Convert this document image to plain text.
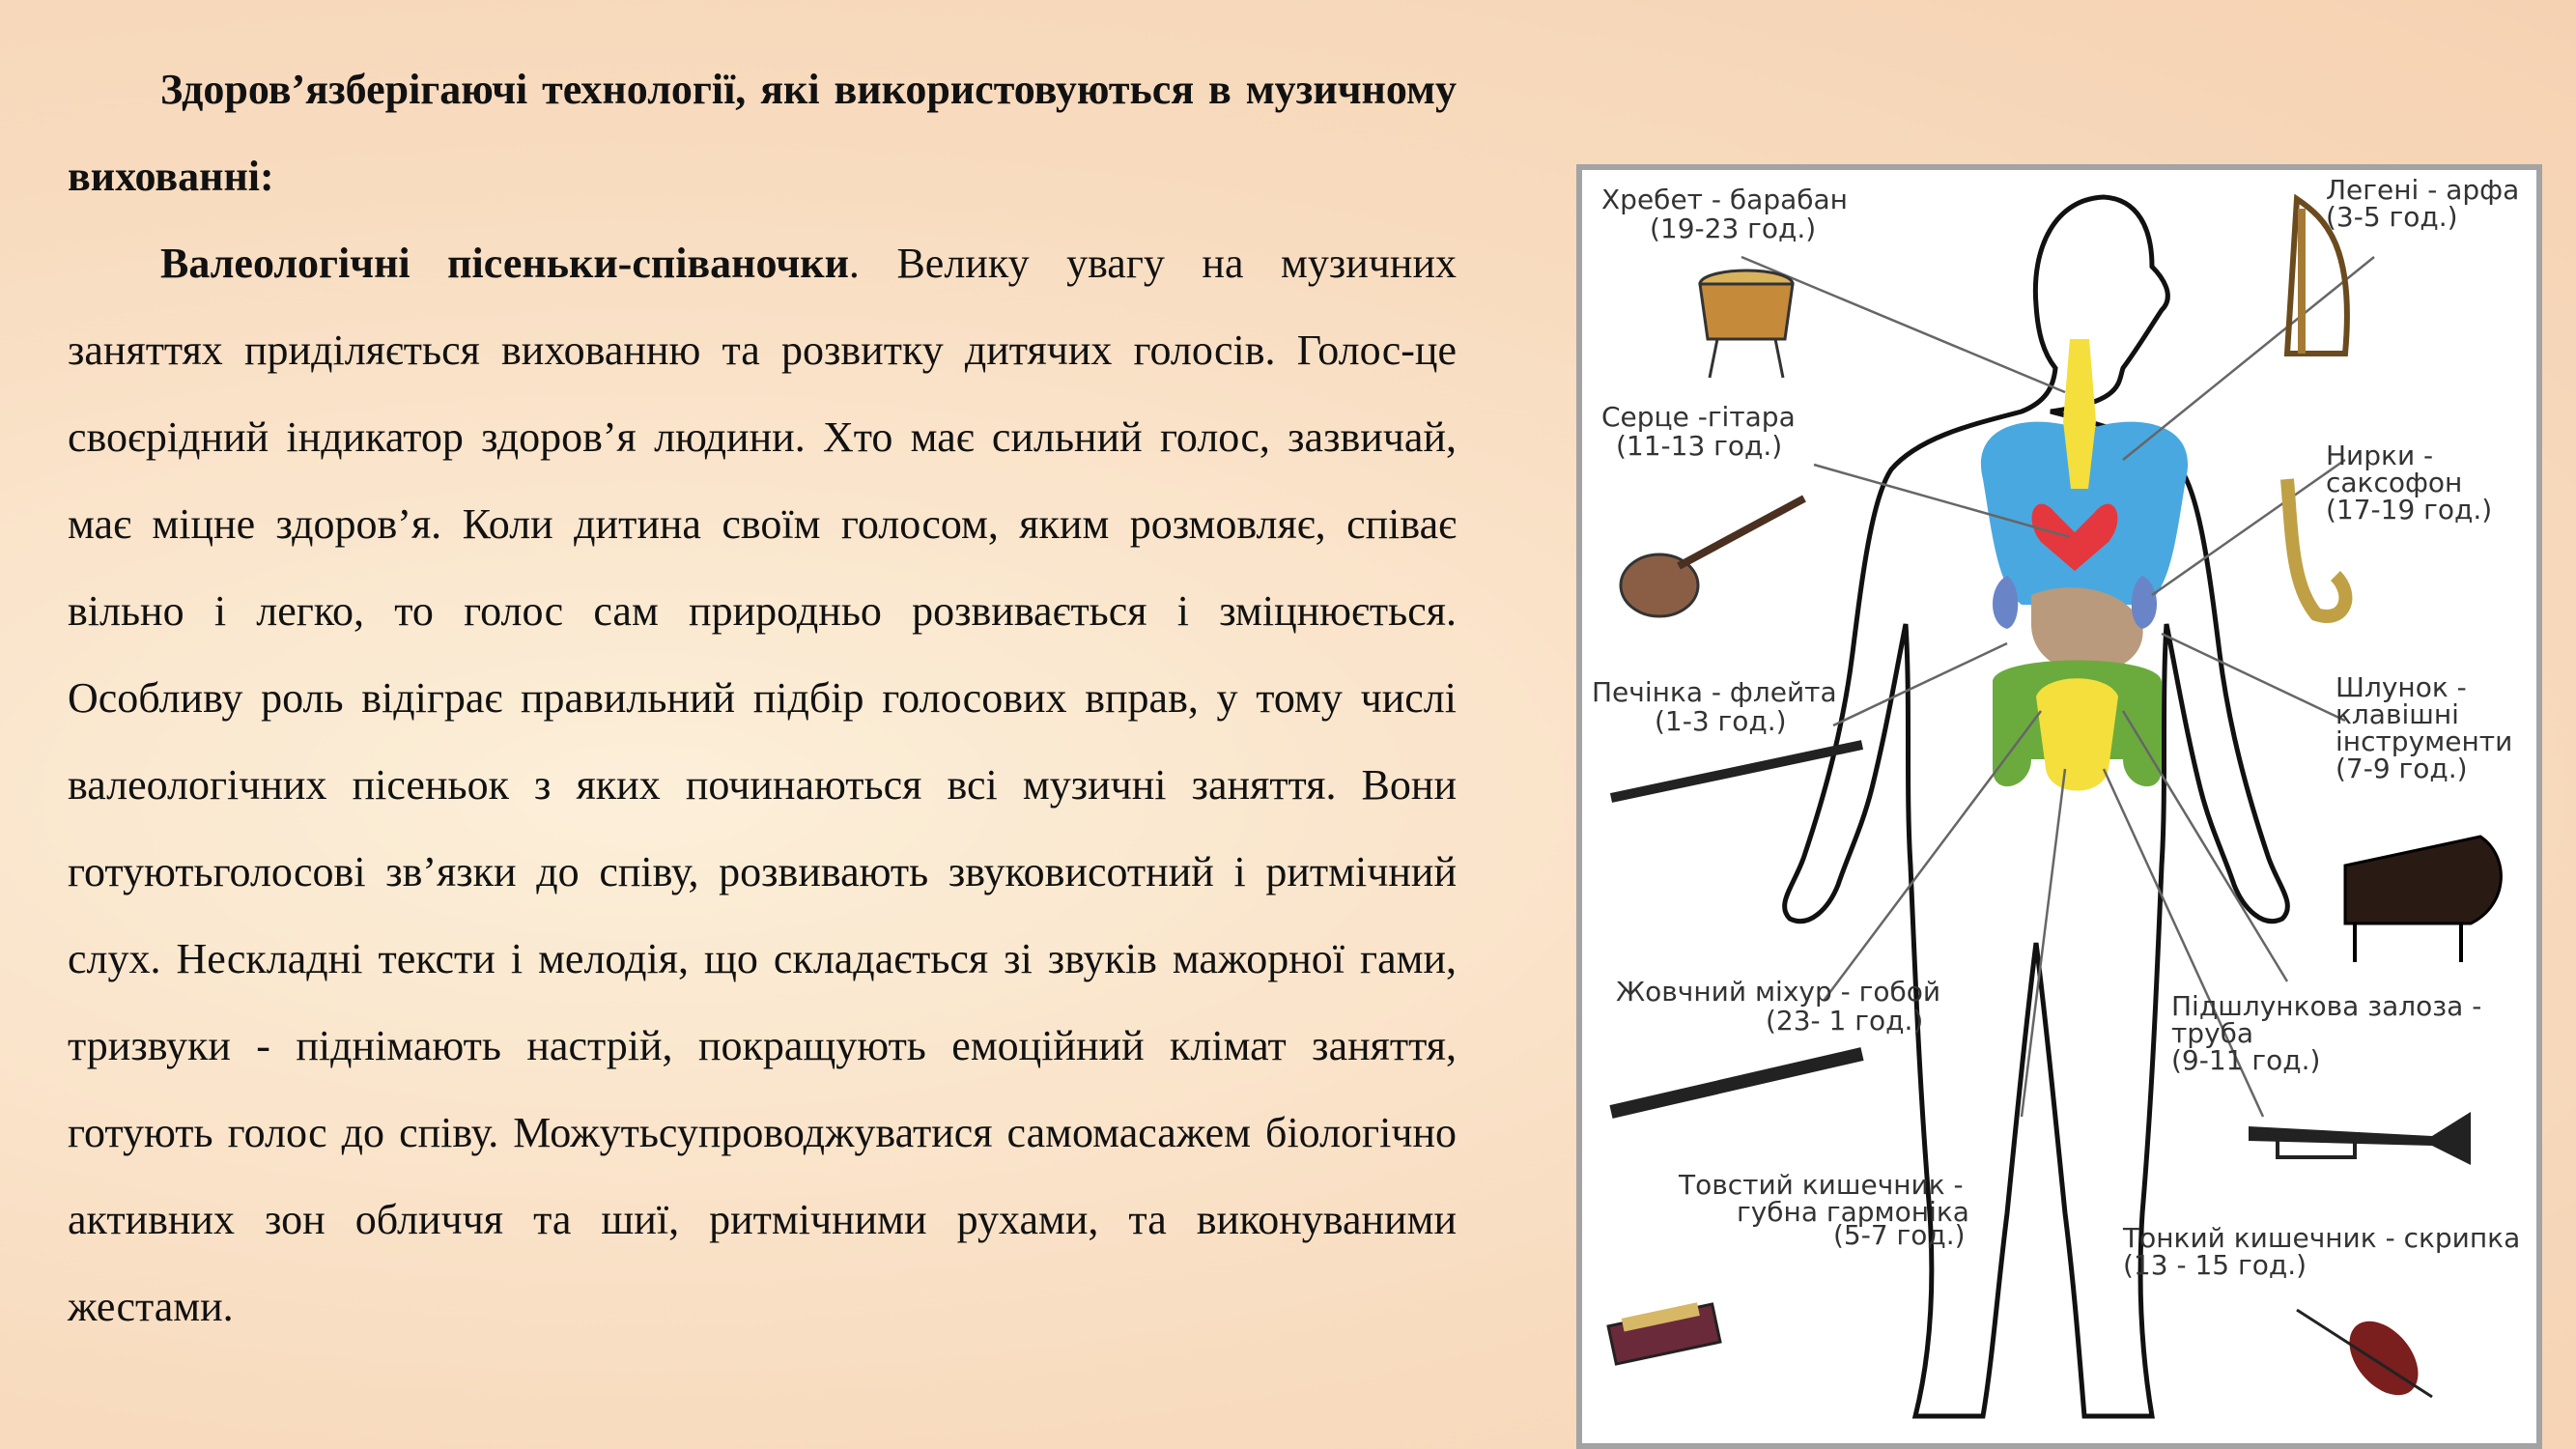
Здоров’язберігаючі технології, які використовуються в музичному вихованні:

Валеологічні пісеньки-співаночки. Велику увагу на музичних заняттях приділяється вихованню та розвитку дитячих голосів. Голос-це своєрідний індикатор здоров’я людини. Хто має сильний голос, зазвичай, має міцне здоров’я. Коли дитина своїм голосом, яким розмовляє, співає вільно і легко, то голос сам природньо розвивається і зміцнюється. Особливу роль відіграє правильний підбір голосових вправ, у тому числі валеологічних пісеньок з яких починаються всі музичні заняття. Вони готуютьголосові зв’язки до співу, розвивають звуковисотний і ритмічний слух. Нескладні тексти і мелодія, що складається зі звуків мажорної гами, тризвуки - піднімають настрій, покращують емоційний клімат заняття, готують голос до співу. Можутьсупроводжуватися самомасажем біологічно активних зон обличчя та шиї, ритмічними рухами, та виконуваними жестами.

Хребет - барабан (19-23 год.)
Легені - арфа (3-5 год.)
Серце -гітара (11-13 год.)	Нирки - саксофон (17-19 год.)
Печінка - флейта (1-3 год.)
Шлунок - клавішні інструменти (7-9 год.)
Жовчний міхур - гобой (23- 1 год.)	Підшлункова залоза - труба (9-11 год.)
Товстий кишечник - губна гармоніка (5-7 год.)	Тонкий кишечник - скрипка (13 - 15 год.)
